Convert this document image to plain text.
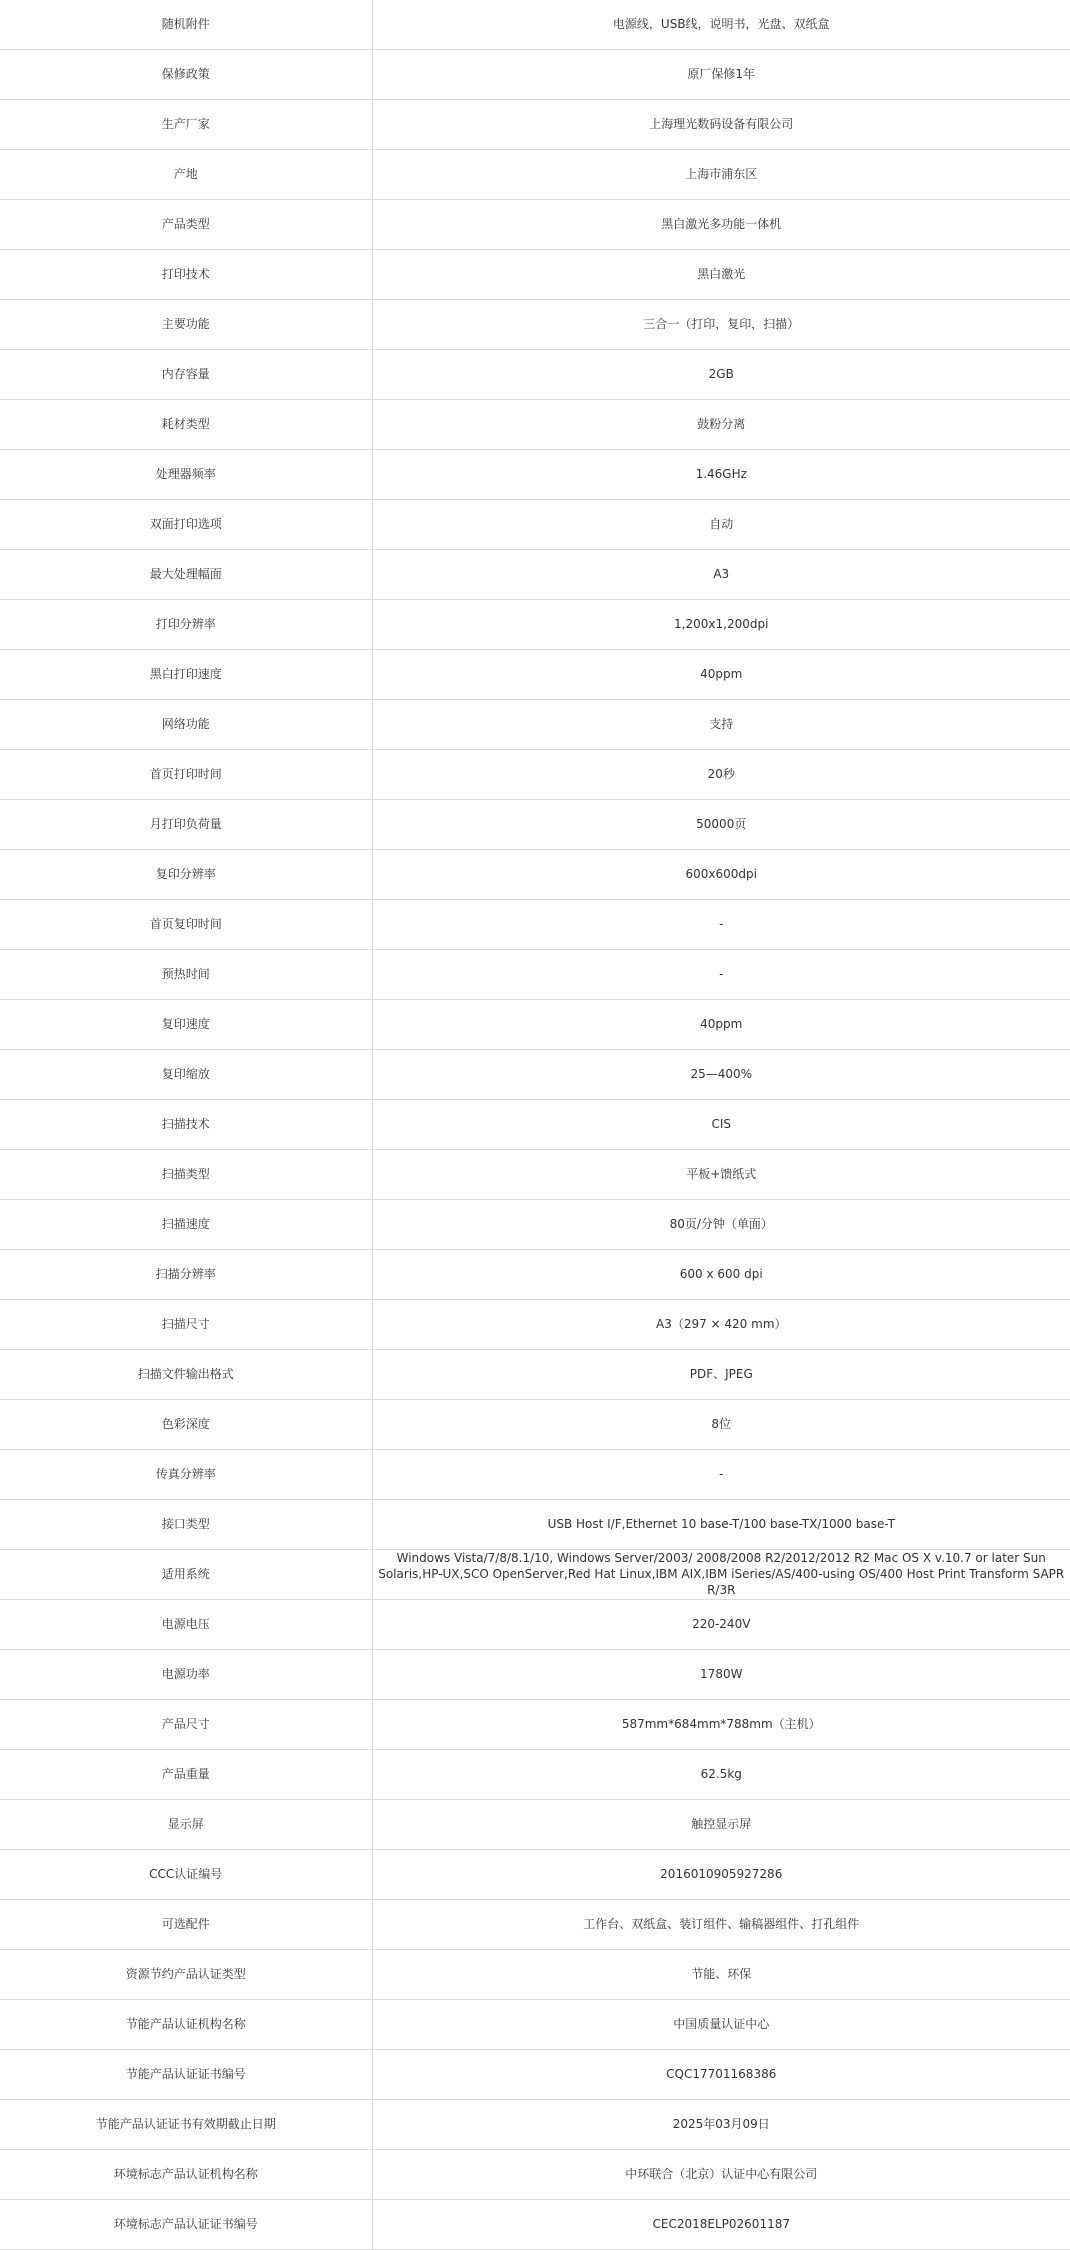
随机附件	电源线，USB线，说明书，光盘、双纸盒
保修政策	原厂保修1年
生产厂家	上海理光数码设备有限公司
产地	上海市浦东区
产品类型	黑白激光多功能一体机
打印技术	黑白激光
主要功能	三合一（打印，复印，扫描）
内存容量	2GB
耗材类型	鼓粉分离
处理器频率	1.46GHz
双面打印选项	自动
最大处理幅面	A3
打印分辨率	1,200x1,200dpi
黑白打印速度	40ppm
网络功能	支持
首页打印时间	20秒
月打印负荷量	50000页
复印分辨率	600x600dpi
首页复印时间	-
预热时间	-
复印速度	40ppm
复印缩放	25—400%
扫描技术	CIS
扫描类型	平板+馈纸式
扫描速度	80页/分钟（单面）
扫描分辨率	600 x 600 dpi
扫描尺寸	A3（297 × 420 mm）
扫描文件输出格式	PDF、JPEG
色彩深度	8位
传真分辨率	-
接口类型	USB Host I/F,Ethernet 10 base-T/100 base-TX/1000 base-T
适用系统	Windows Vista/7/8/8.1/10, Windows Server/2003/ 2008/2008 R2/2012/2012 R2 Mac OS X v.10.7 or later Sun Solaris,HP-UX,SCO OpenServer,Red Hat Linux,IBM AIX,IBM iSeries/AS/400-using OS/400 Host Print Transform SAPR R/3R
电源电压	220-240V
电源功率	1780W
产品尺寸	587mm*684mm*788mm（主机）
产品重量	62.5kg
显示屏	触控显示屏
CCC认证编号	2016010905927286
可选配件	工作台、双纸盒、装订组件、输稿器组件、打孔组件
资源节约产品认证类型	节能、环保
节能产品认证机构名称	中国质量认证中心
节能产品认证证书编号	CQC17701168386
节能产品认证证书有效期截止日期	2025年03月09日
环境标志产品认证机构名称	中环联合（北京）认证中心有限公司
环境标志产品认证证书编号	CEC2018ELP02601187
